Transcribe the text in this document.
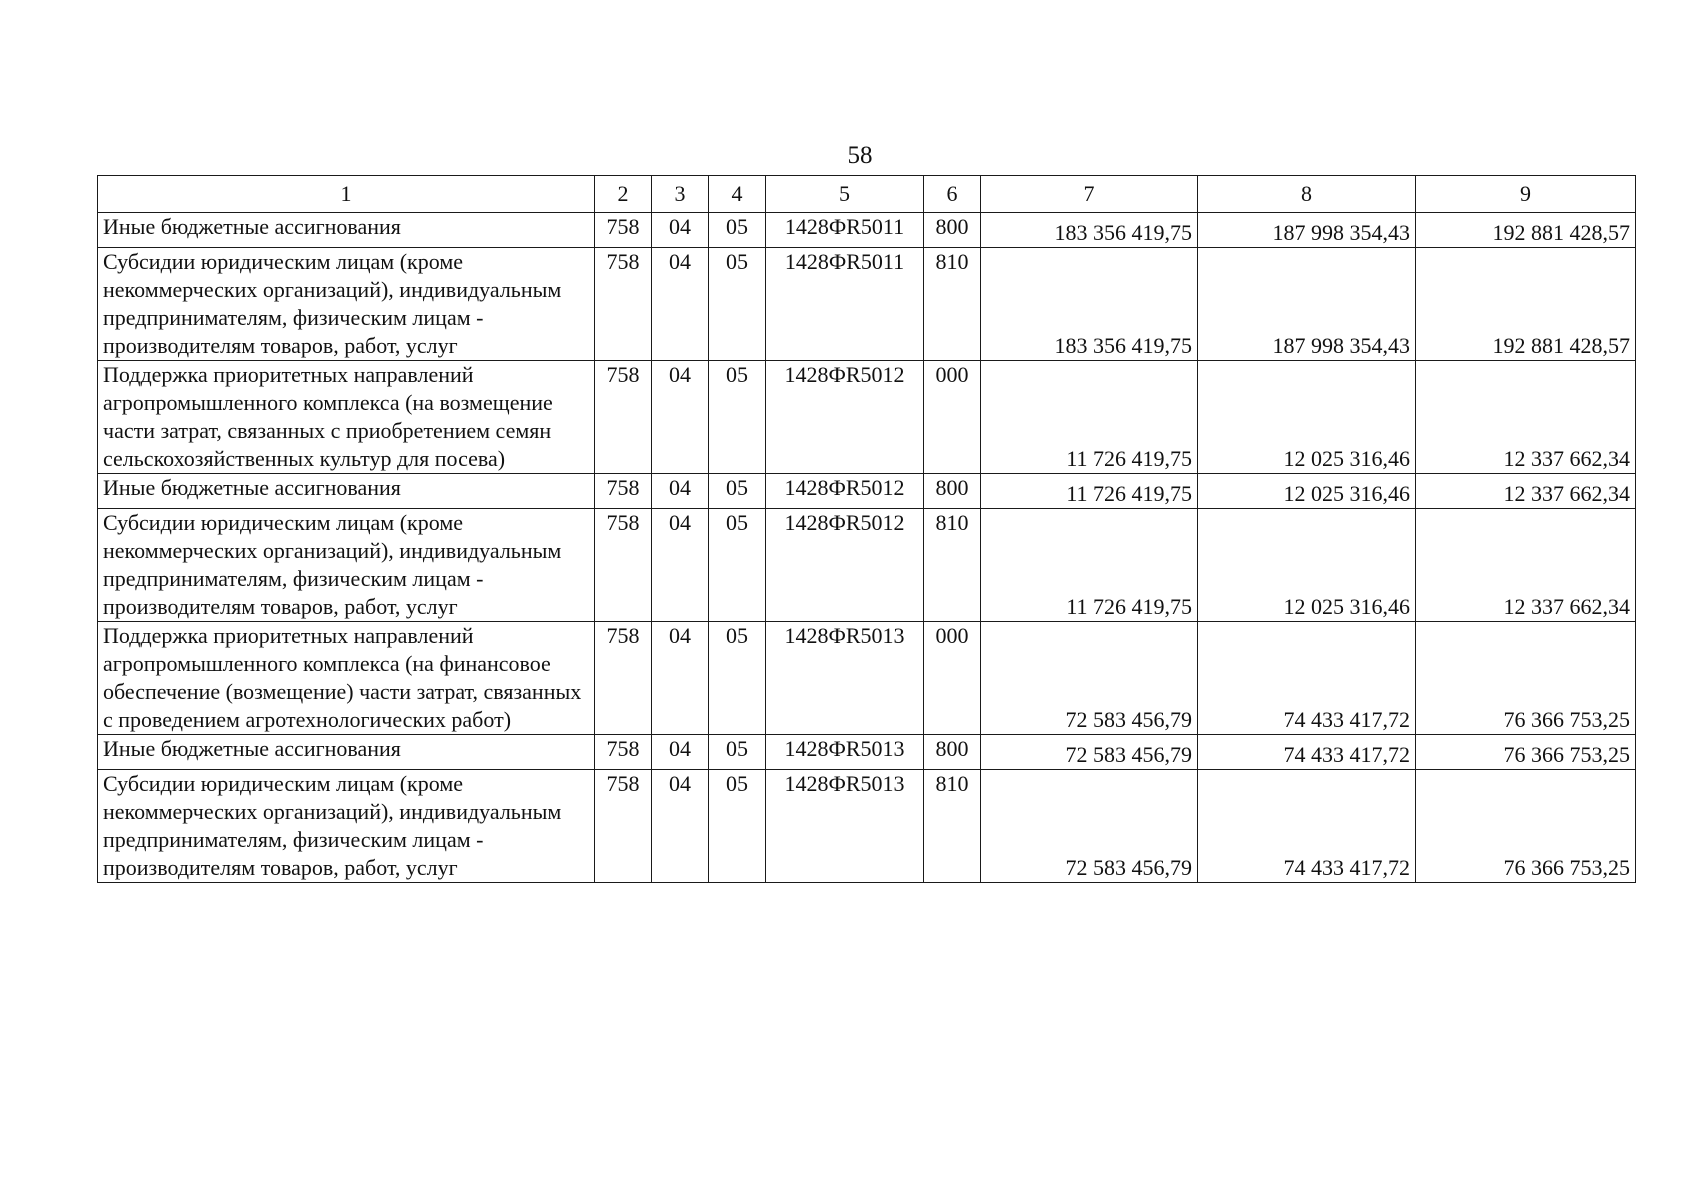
58
1	2	3	4	5	6	7	8	9
Иные бюджетные ассигнования	758	04	05	1428ФR5011	800	183 356 419,75	187 998 354,43	192 881 428,57
Субсидии юридическим лицам (кроме некоммерческих организаций), индивидуальным предпринимателям, физическим лицам - производителям товаров, работ, услуг	758	04	05	1428ФR5011	810	183 356 419,75	187 998 354,43	192 881 428,57
Поддержка приоритетных направлений агропромышленного комплекса (на возмещение части затрат, связанных с приобретением семян сельскохозяйственных культур для посева)	758	04	05	1428ФR5012	000	11 726 419,75	12 025 316,46	12 337 662,34
Иные бюджетные ассигнования	758	04	05	1428ФR5012	800	11 726 419,75	12 025 316,46	12 337 662,34
Субсидии юридическим лицам (кроме некоммерческих организаций), индивидуальным предпринимателям, физическим лицам - производителям товаров, работ, услуг	758	04	05	1428ФR5012	810	11 726 419,75	12 025 316,46	12 337 662,34
Поддержка приоритетных направлений агропромышленного комплекса (на финансовое обеспечение (возмещение) части затрат, связанных с проведением агротехнологических работ)	758	04	05	1428ФR5013	000	72 583 456,79	74 433 417,72	76 366 753,25
Иные бюджетные ассигнования	758	04	05	1428ФR5013	800	72 583 456,79	74 433 417,72	76 366 753,25
Субсидии юридическим лицам (кроме некоммерческих организаций), индивидуальным предпринимателям, физическим лицам - производителям товаров, работ, услуг	758	04	05	1428ФR5013	810	72 583 456,79	74 433 417,72	76 366 753,25
